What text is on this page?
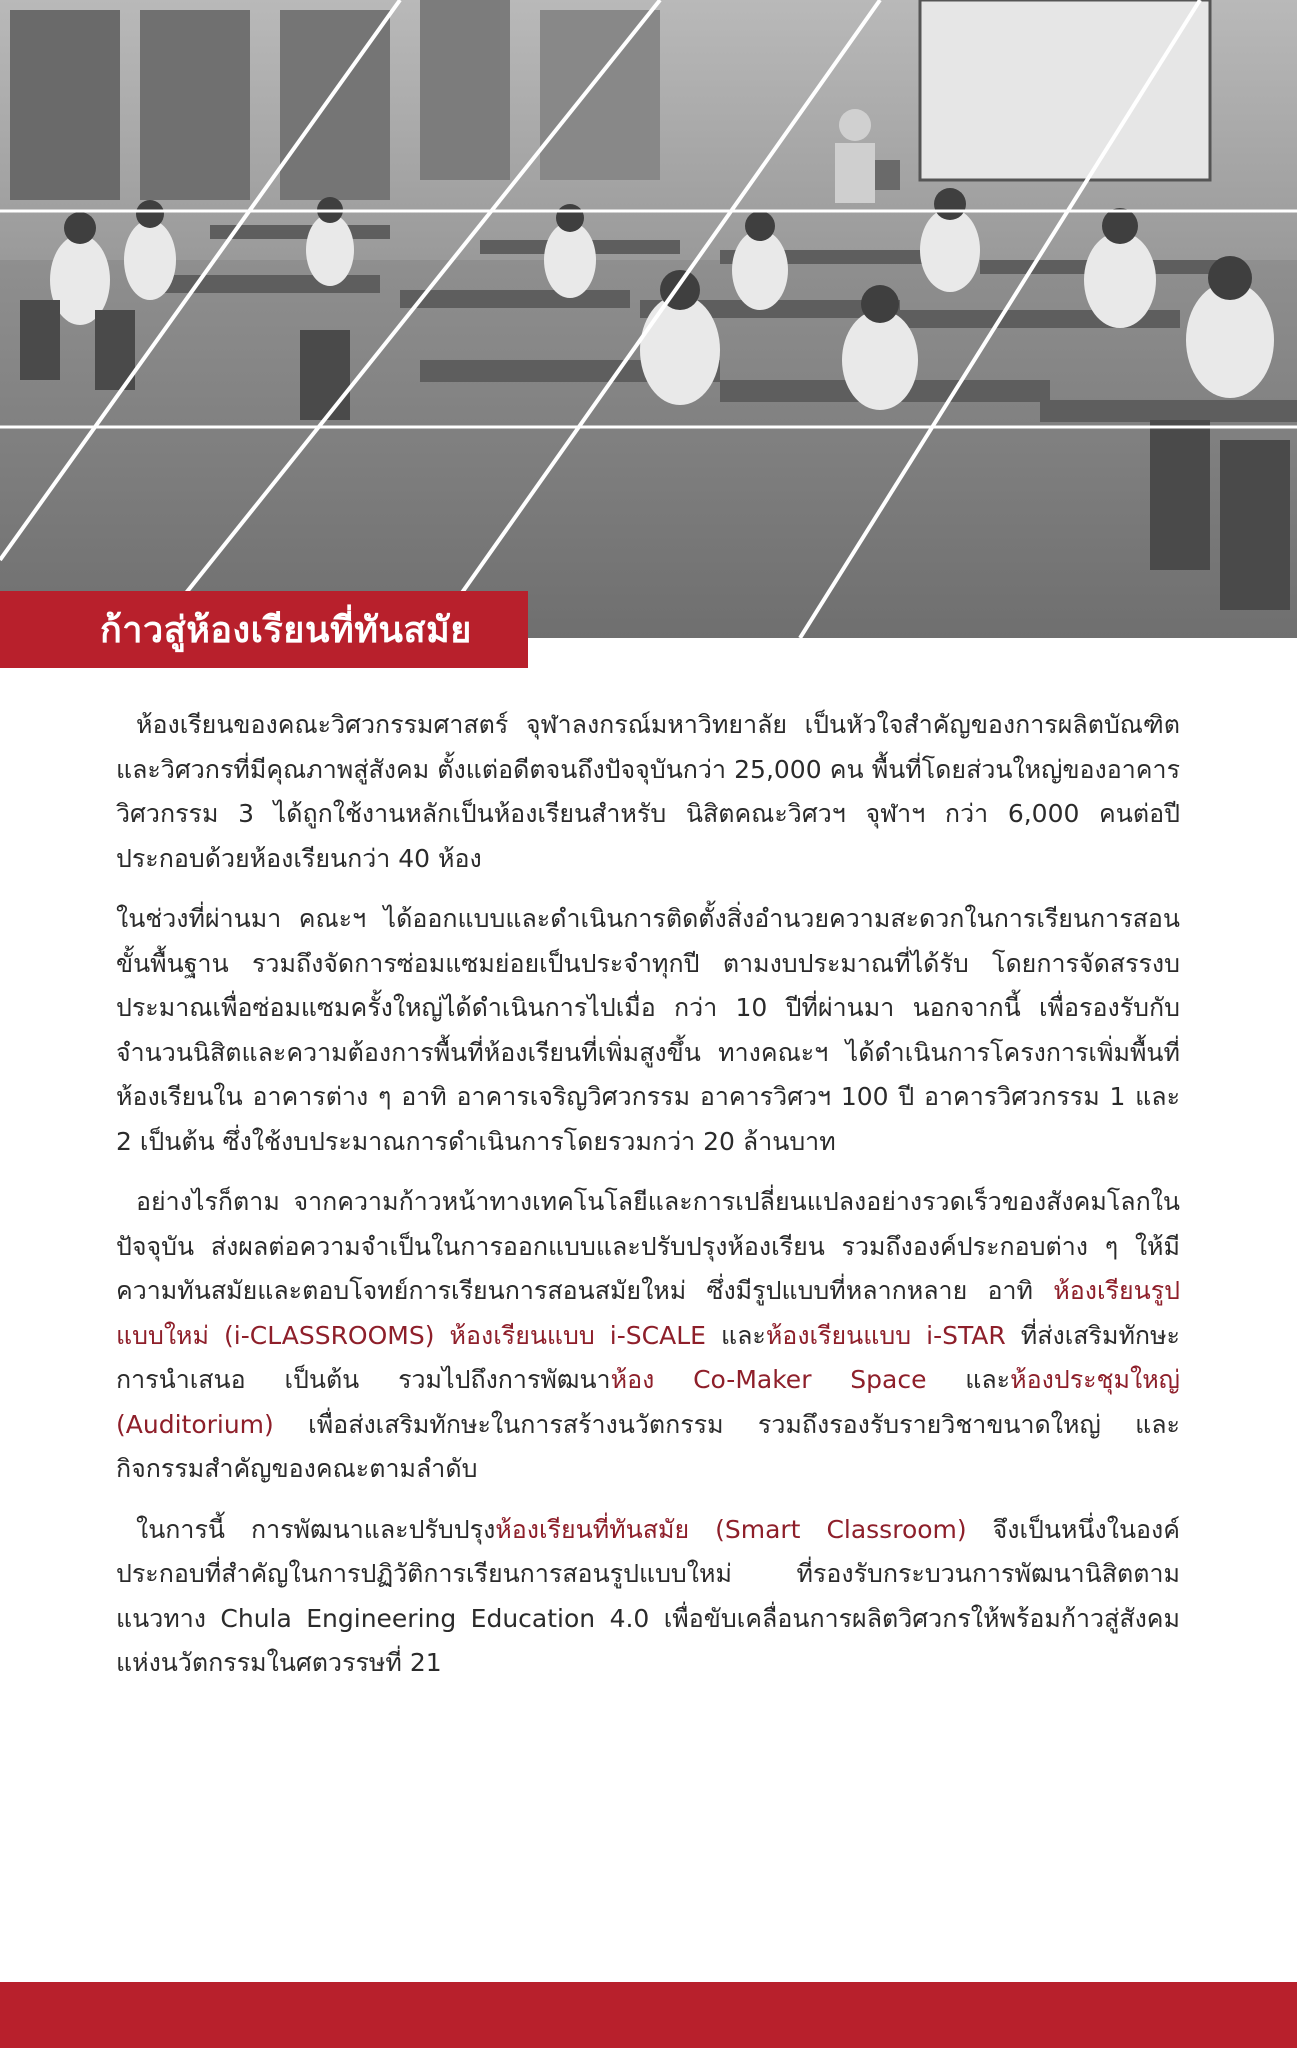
ก้าวสู่ห้องเรียนที่ทันสมัย

ห้องเรียนของคณะวิศวกรรมศาสตร์ จุฬาลงกรณ์มหาวิทยาลัย เป็นหัวใจสำคัญของการผลิตบัณฑิตและวิศวกรที่มีคุณภาพสู่สังคม ตั้งแต่อดีตจนถึงปัจจุบันกว่า 25,000 คน พื้นที่โดยส่วนใหญ่ของอาคารวิศวกรรม 3 ได้ถูกใช้งานหลักเป็นห้องเรียนสำหรับ นิสิตคณะวิศวฯ จุฬาฯ กว่า 6,000 คนต่อปี ประกอบด้วยห้องเรียนกว่า 40 ห้อง

ในช่วงที่ผ่านมา คณะฯ ได้ออกแบบและดำเนินการติดตั้งสิ่งอำนวยความสะดวกในการเรียนการสอนขั้นพื้นฐาน รวมถึงจัดการซ่อมแซมย่อยเป็นประจำทุกปี ตามงบประมาณที่ได้รับ โดยการจัดสรรงบประมาณเพื่อซ่อมแซมครั้งใหญ่ได้ดำเนินการไปเมื่อ กว่า 10 ปีที่ผ่านมา นอกจากนี้ เพื่อรองรับกับจำนวนนิสิตและความต้องการพื้นที่ห้องเรียนที่เพิ่มสูงขึ้น ทางคณะฯ ได้ดำเนินการโครงการเพิ่มพื้นที่ห้องเรียนใน อาคารต่าง ๆ อาทิ อาคารเจริญวิศวกรรม อาคารวิศวฯ 100 ปี อาคารวิศวกรรม 1 และ 2 เป็นต้น ซึ่งใช้งบประมาณการดำเนินการโดยรวมกว่า 20 ล้านบาท

อย่างไรก็ตาม จากความก้าวหน้าทางเทคโนโลยีและการเปลี่ยนแปลงอย่างรวดเร็วของสังคมโลกในปัจจุบัน ส่งผลต่อความจำเป็นในการออกแบบและปรับปรุงห้องเรียน รวมถึงองค์ประกอบต่าง ๆ ให้มีความทันสมัยและตอบโจทย์การเรียนการสอนสมัยใหม่ ซึ่งมีรูปแบบที่หลากหลาย อาทิ ห้องเรียนรูปแบบใหม่ (i-CLASSROOMS) ห้องเรียนแบบ i-SCALE และห้องเรียนแบบ i-STAR ที่ส่งเสริมทักษะการนำเสนอ เป็นต้น รวมไปถึงการพัฒนาห้อง Co-Maker Space และห้องประชุมใหญ่ (Auditorium) เพื่อส่งเสริมทักษะในการสร้างนวัตกรรม รวมถึงรองรับรายวิชาขนาดใหญ่ และกิจกรรมสำคัญของคณะตามลำดับ

ในการนี้ การพัฒนาและปรับปรุงห้องเรียนที่ทันสมัย (Smart Classroom) จึงเป็นหนึ่งในองค์ประกอบที่สำคัญในการปฏิวัติการเรียนการสอนรูปแบบใหม่ ที่รองรับกระบวนการพัฒนานิสิตตามแนวทาง Chula Engineering Education 4.0 เพื่อขับเคลื่อนการผลิตวิศวกรให้พร้อมก้าวสู่สังคมแห่งนวัตกรรมในศตวรรษที่ 21
